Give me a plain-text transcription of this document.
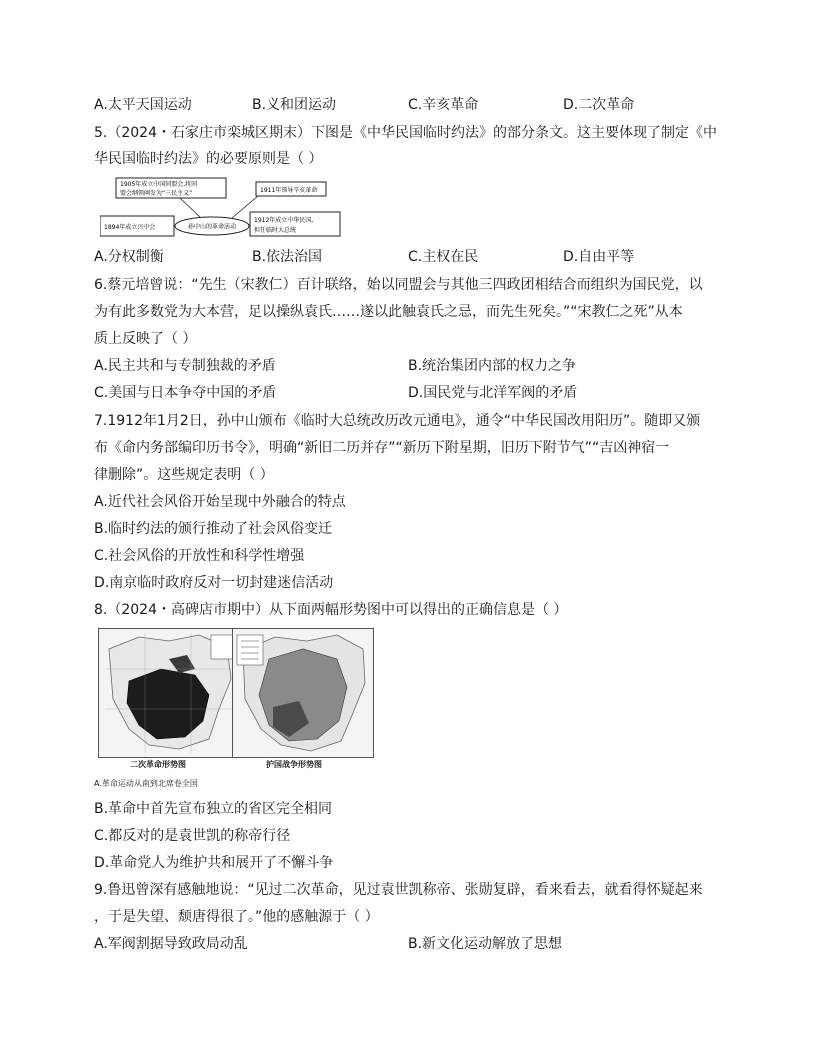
A.太平天国运动	B.义和团运动	C.辛亥革命	D.二次革命
5.（2024・石家庄市栾城区期末）下图是《中华民国临时约法》的部分条文。这主要体现了制定《中
华民国临时约法》的必要原则是（ ）
1905年成立中国同盟会,将同
盟会纲领阐发为“三民主义”	1911年领导辛亥革命
1894年成立兴中会
1912年成立中华民国,
担任临时大总统
孙中山的革命活动
A.分权制衡	B.依法治国	C.主权在民	D.自由平等
6.蔡元培曾说：“先生（宋教仁）百计联络，始以同盟会与其他三四政团相结合而组织为国民党，以
为有此多数党为大本营，足以操纵袁氏……遂以此触袁氏之忌，而先生死矣。”“宋教仁之死”从本
质上反映了（ ）
A.民主共和与专制独裁的矛盾	B.统治集团内部的权力之争
C.美国与日本争夺中国的矛盾	D.国民党与北洋军阀的矛盾
7.1912年1月2日，孙中山颁布《临时大总统改历改元通电》，通令“中华民国改用阳历”。随即又颁
布《命内务部编印历书令》，明确“新旧二历并存”“新历下附星期，旧历下附节气”“吉凶神宿一
律删除”。这些规定表明（ ）
A.近代社会风俗开始呈现中外融合的特点
B.临时约法的颁行推动了社会风俗变迁
C.社会风俗的开放性和科学性增强
D.南京临时政府反对一切封建迷信活动
8.（2024・高碑店市期中）从下面两幅形势图中可以得出的正确信息是（ ）
二次革命形势图	护国战争形势图
A.革命运动从南到北席卷全国
B.革命中首先宣布独立的省区完全相同
C.都反对的是袁世凯的称帝行径
D.革命党人为维护共和展开了不懈斗争
9.鲁迅曾深有感触地说：“见过二次革命，见过袁世凯称帝、张勋复辟，看来看去，就看得怀疑起来
，于是失望、颓唐得很了。”他的感触源于（ ）
A.军阀割据导致政局动乱	B.新文化运动解放了思想
